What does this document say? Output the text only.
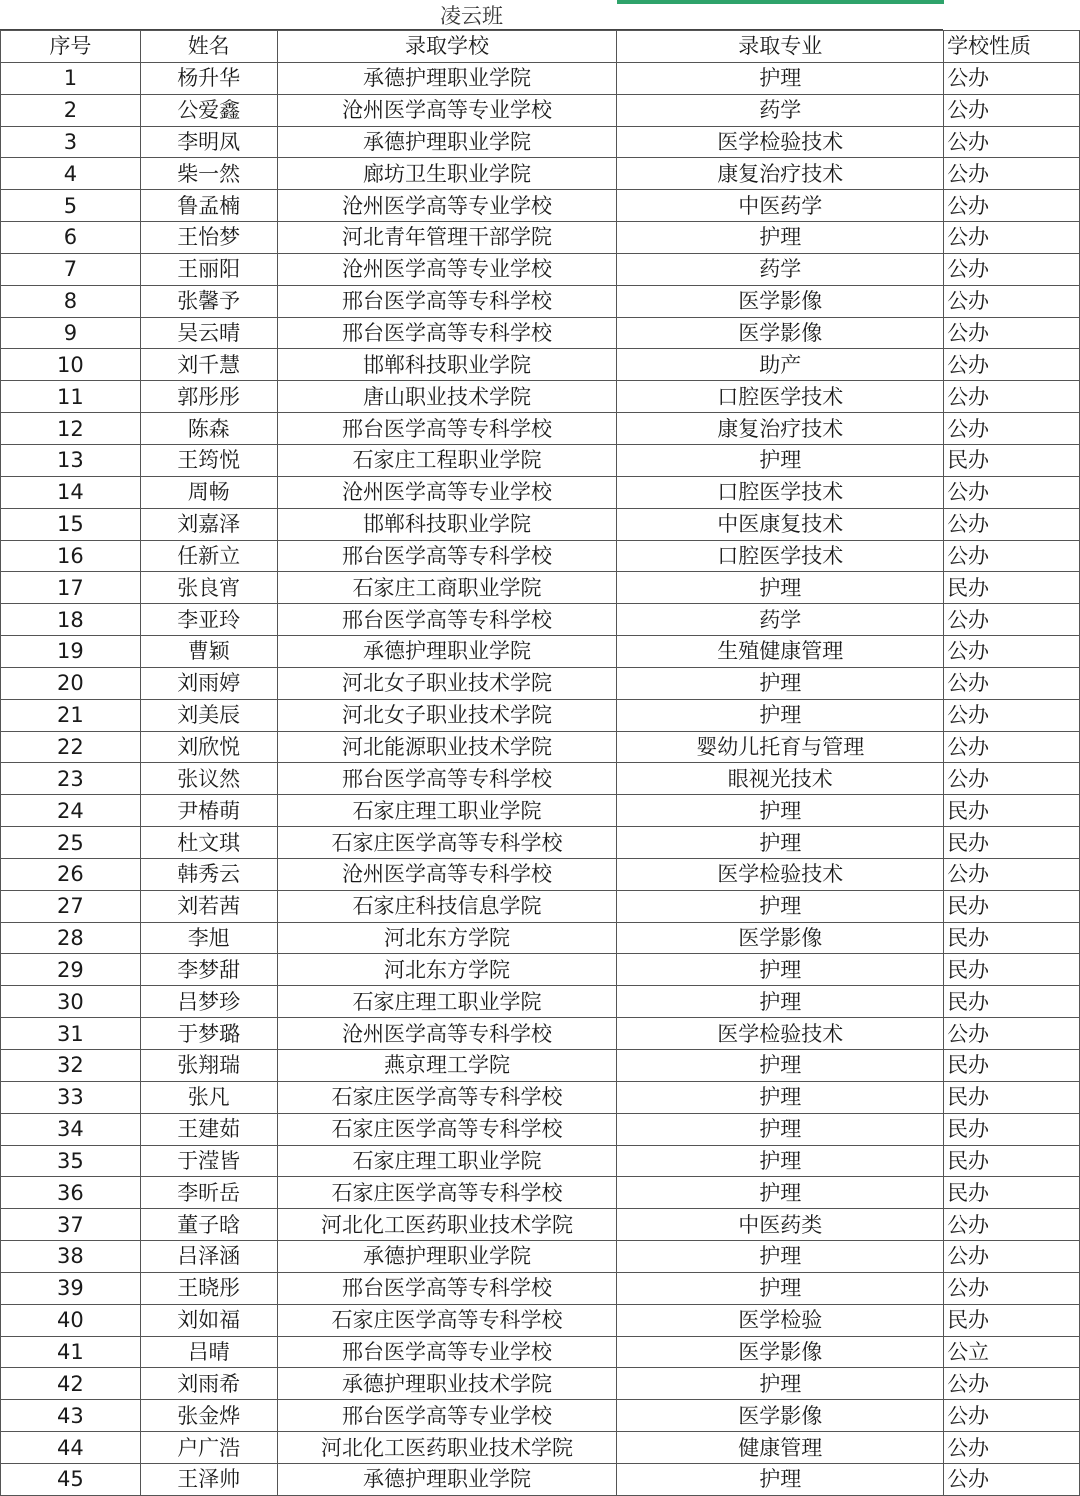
凌云班
序号	姓名	录取学校	录取专业	学校性质
1	杨升华	承德护理职业学院	护理	公办
2	公爱鑫	沧州医学高等专业学校	药学	公办
3	李明凤	承德护理职业学院	医学检验技术	公办
4	柴一然	廊坊卫生职业学院	康复治疗技术	公办
5	鲁孟楠	沧州医学高等专业学校	中医药学	公办
6	王怡梦	河北青年管理干部学院	护理	公办
7	王丽阳	沧州医学高等专业学校	药学	公办
8	张馨予	邢台医学高等专科学校	医学影像	公办
9	吴云晴	邢台医学高等专科学校	医学影像	公办
10	刘千慧	邯郸科技职业学院	助产	公办
11	郭彤彤	唐山职业技术学院	口腔医学技术	公办
12	陈森	邢台医学高等专科学校	康复治疗技术	公办
13	王筠悦	石家庄工程职业学院	护理	民办
14	周畅	沧州医学高等专业学校	口腔医学技术	公办
15	刘嘉泽	邯郸科技职业学院	中医康复技术	公办
16	任新立	邢台医学高等专科学校	口腔医学技术	公办
17	张良宵	石家庄工商职业学院	护理	民办
18	李亚玲	邢台医学高等专科学校	药学	公办
19	曹颖	承德护理职业学院	生殖健康管理	公办
20	刘雨婷	河北女子职业技术学院	护理	公办
21	刘美辰	河北女子职业技术学院	护理	公办
22	刘欣悦	河北能源职业技术学院	婴幼儿托育与管理	公办
23	张议然	邢台医学高等专科学校	眼视光技术	公办
24	尹椿萌	石家庄理工职业学院	护理	民办
25	杜文琪	石家庄医学高等专科学校	护理	民办
26	韩秀云	沧州医学高等专科学校	医学检验技术	公办
27	刘若茜	石家庄科技信息学院	护理	民办
28	李旭	河北东方学院	医学影像	民办
29	李梦甜	河北东方学院	护理	民办
30	吕梦珍	石家庄理工职业学院	护理	民办
31	于梦璐	沧州医学高等专科学校	医学检验技术	公办
32	张翔瑞	燕京理工学院	护理	民办
33	张凡	石家庄医学高等专科学校	护理	民办
34	王建茹	石家庄医学高等专科学校	护理	民办
35	于滢皆	石家庄理工职业学院	护理	民办
36	李昕岳	石家庄医学高等专科学校	护理	民办
37	董子晗	河北化工医药职业技术学院	中医药类	公办
38	吕泽涵	承德护理职业学院	护理	公办
39	王晓彤	邢台医学高等专科学校	护理	公办
40	刘如福	石家庄医学高等专科学校	医学检验	民办
41	吕晴	邢台医学高等专业学校	医学影像	公立
42	刘雨希	承德护理职业技术学院	护理	公办
43	张金烨	邢台医学高等专业学校	医学影像	公办
44	户广浩	河北化工医药职业技术学院	健康管理	公办
45	王泽帅	承德护理职业学院	护理	公办
